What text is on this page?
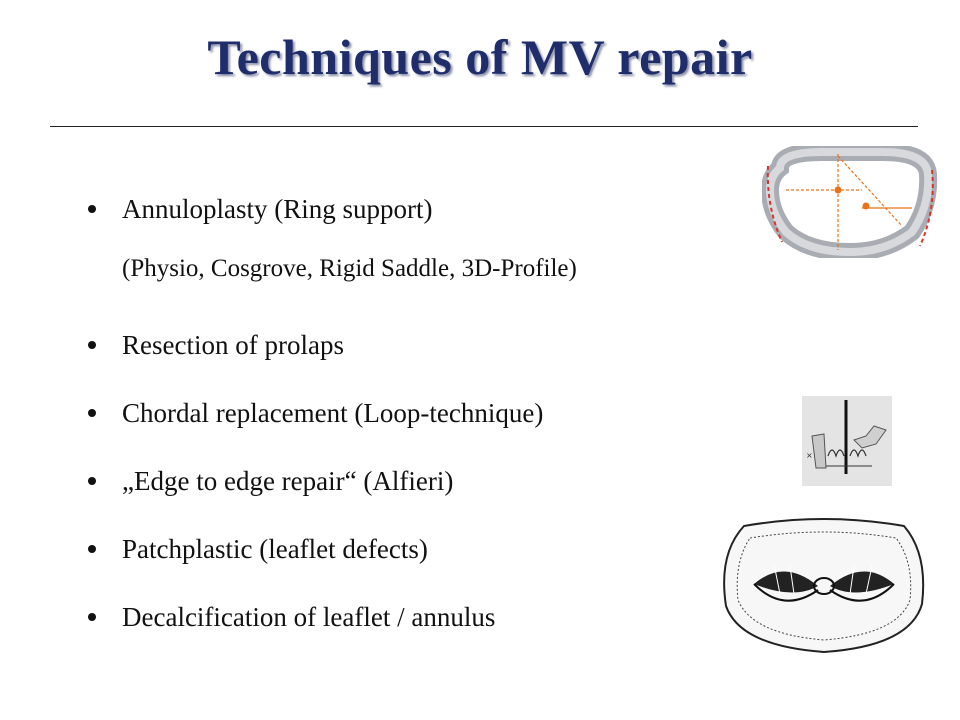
Techniques of MV repair
Annuloplasty (Ring support)
(Physio, Cosgrove, Rigid Saddle, 3D-Profile)
Resection of prolaps
Chordal replacement (Loop-technique)
„Edge to edge repair“ (Alfieri)
Patchplastic (leaflet defects)
Decalcification of leaflet / annulus
×
